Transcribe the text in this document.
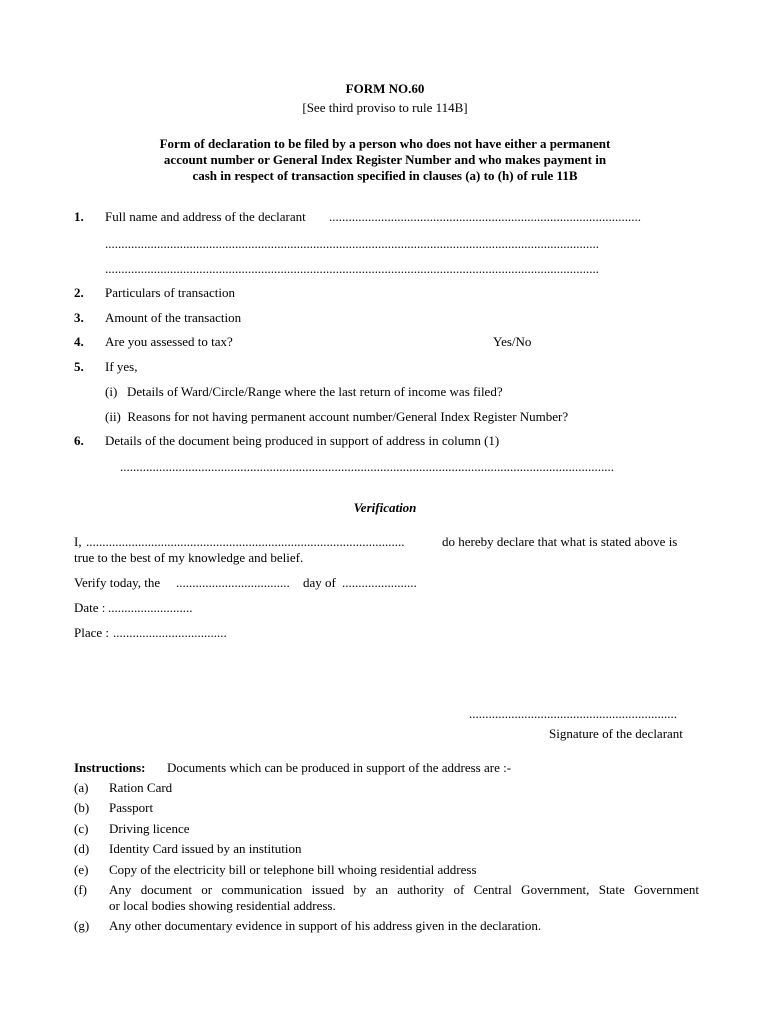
FORM NO.60
[See third proviso to rule 114B]
Form of declaration to be filed by a person who does not have either a permanent
account number or General Index Register Number and who makes payment in
cash in respect of transaction specified in clauses (a) to (h) of rule 11B
1. Full name and address of the declarant ................................................................................................
........................................................................................................................................................
........................................................................................................................................................
2. Particulars of transaction
3. Amount of the transaction
4. Are you assessed to tax?	Yes/No
5. If yes,
(i)   Details of Ward/Circle/Range where the last return of income was filed?
(ii)  Reasons for not having permanent account number/General Index Register Number?
6. Details of the document being produced in support of address in column (1)
........................................................................................................................................................
Verification
I, ..................................................................................................	do hereby declare that what is stated above is
true to the best of my knowledge and belief.
Verify today, the ...................................	day of .......................
Date : ..........................
Place : ...................................
................................................................
Signature of the declarant
Instructions: Documents which can be produced in support of the address are :-
(a) Ration Card
(b) Passport
(c) Driving licence
(d) Identity Card issued by an institution
(e) Copy of the electricity bill or telephone bill whoing residential address
(f) Any document or communication issued by an authority of Central Government, State Government
or local bodies showing residential address.
(g) Any other documentary evidence in support of his address given in the declaration.
